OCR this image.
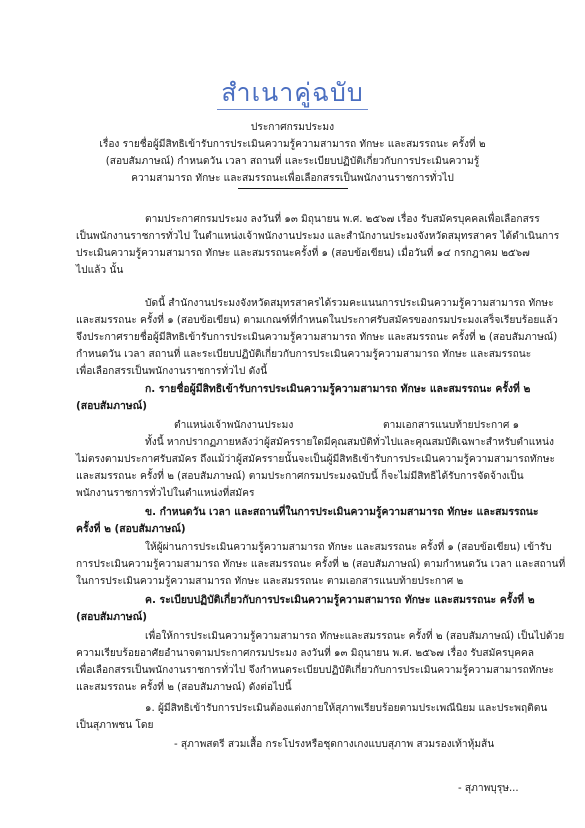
สำเนาคู่ฉบับ
ประกาศกรมประมง
เรื่อง รายชื่อผู้มีสิทธิเข้ารับการประเมินความรู้ความสามารถ ทักษะ และสมรรถนะ ครั้งที่ ๒
(สอบสัมภาษณ์) กำหนดวัน เวลา สถานที่ และระเบียบปฏิบัติเกี่ยวกับการประเมินความรู้
ความสามารถ ทักษะ และสมรรถนะเพื่อเลือกสรรเป็นพนักงานราชการทั่วไป
ตามประกาศกรมประมง ลงวันที่ ๑๓ มิถุนายน พ.ศ. ๒๕๖๗ เรื่อง รับสมัครบุคคลเพื่อเลือกสรร
เป็นพนักงานราชการทั่วไป ในตำแหน่งเจ้าพนักงานประมง และสำนักงานประมงจังหวัดสมุทรสาคร ได้ดำเนินการ
ประเมินความรู้ความสามารถ ทักษะ และสมรรถนะครั้งที่ ๑ (สอบข้อเขียน) เมื่อวันที่ ๑๔ กรกฎาคม ๒๕๖๗
ไปแล้ว นั้น
บัดนี้ สำนักงานประมงจังหวัดสมุทรสาครได้รวมคะแนนการประเมินความรู้ความสามารถ ทักษะ
และสมรรถนะ ครั้งที่ ๑ (สอบข้อเขียน) ตามเกณฑ์ที่กำหนดในประกาศรับสมัครของกรมประมงเสร็จเรียบร้อยแล้ว
จึงประกาศรายชื่อผู้มีสิทธิเข้ารับการประเมินความรู้ความสามารถ ทักษะ และสมรรถนะ ครั้งที่ ๒ (สอบสัมภาษณ์)
กำหนดวัน เวลา สถานที่ และระเบียบปฏิบัติเกี่ยวกับการประเมินความรู้ความสามารถ ทักษะ และสมรรถนะ
เพื่อเลือกสรรเป็นพนักงานราชการทั่วไป ดังนี้
ก. รายชื่อผู้มีสิทธิเข้ารับการประเมินความรู้ความสามารถ ทักษะ และสมรรถนะ ครั้งที่ ๒
(สอบสัมภาษณ์)
ตำแหน่งเจ้าพนักงานประมง	ตามเอกสารแนบท้ายประกาศ ๑
ทั้งนี้ หากปรากฏภายหลังว่าผู้สมัครรายใดมีคุณสมบัติทั่วไปและคุณสมบัติเฉพาะสำหรับตำแหน่ง
ไม่ตรงตามประกาศรับสมัคร ถึงแม้ว่าผู้สมัครรายนั้นจะเป็นผู้มีสิทธิเข้ารับการประเมินความรู้ความสามารถทักษะ
และสมรรถนะ ครั้งที่ ๒ (สอบสัมภาษณ์) ตามประกาศกรมประมงฉบับนี้ ก็จะไม่มีสิทธิได้รับการจัดจ้างเป็น
พนักงานราชการทั่วไปในตำแหน่งที่สมัคร
ข. กำหนดวัน เวลา และสถานที่ในการประเมินความรู้ความสามารถ ทักษะ และสมรรถนะ
ครั้งที่ ๒ (สอบสัมภาษณ์)
ให้ผู้ผ่านการประเมินความรู้ความสามารถ ทักษะ และสมรรถนะ ครั้งที่ ๑ (สอบข้อเขียน) เข้ารับ
การประเมินความรู้ความสามารถ ทักษะ และสมรรถนะ ครั้งที่ ๒ (สอบสัมภาษณ์) ตามกำหนดวัน เวลา และสถานที่
ในการประเมินความรู้ความสามารถ ทักษะ และสมรรถนะ ตามเอกสารแนบท้ายประกาศ ๒
ค. ระเบียบปฏิบัติเกี่ยวกับการประเมินความรู้ความสามารถ ทักษะ และสมรรถนะ ครั้งที่ ๒
(สอบสัมภาษณ์)
เพื่อให้การประเมินความรู้ความสามารถ ทักษะและสมรรถนะ ครั้งที่ ๒ (สอบสัมภาษณ์) เป็นไปด้วย
ความเรียบร้อยอาศัยอำนาจตามประกาศกรมประมง ลงวันที่ ๑๓ มิถุนายน พ.ศ. ๒๕๖๗ เรื่อง รับสมัครบุคคล
เพื่อเลือกสรรเป็นพนักงานราชการทั่วไป จึงกำหนดระเบียบปฏิบัติเกี่ยวกับการประเมินความรู้ความสามารถทักษะ
และสมรรถนะ ครั้งที่ ๒ (สอบสัมภาษณ์) ดังต่อไปนี้
๑. ผู้มีสิทธิเข้ารับการประเมินต้องแต่งกายให้สุภาพเรียบร้อยตามประเพณีนิยม และประพฤติตน
เป็นสุภาพชน โดย
- สุภาพสตรี สวมเสื้อ กระโปรงหรือชุดกางเกงแบบสุภาพ สวมรองเท้าหุ้มส้น
- สุภาพบุรุษ...
